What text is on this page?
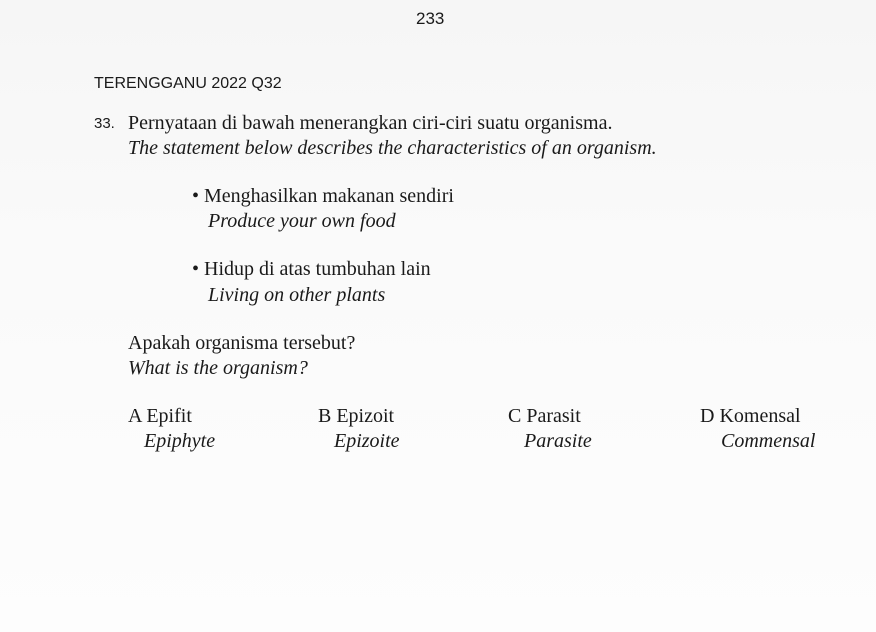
233
TERENGGANU 2022 Q32
33. Pernyataan di bawah menerangkan ciri-ciri suatu organisma.
The statement below describes the characteristics of an organism.
• Menghasilkan makanan sendiri
Produce your own food
• Hidup di atas tumbuhan lain
Living on other plants
Apakah organisma tersebut?
What is the organism?
A Epifit
Epiphyte
B Epizoit
Epizoite
C Parasit
Parasite
D Komensal
Commensal
